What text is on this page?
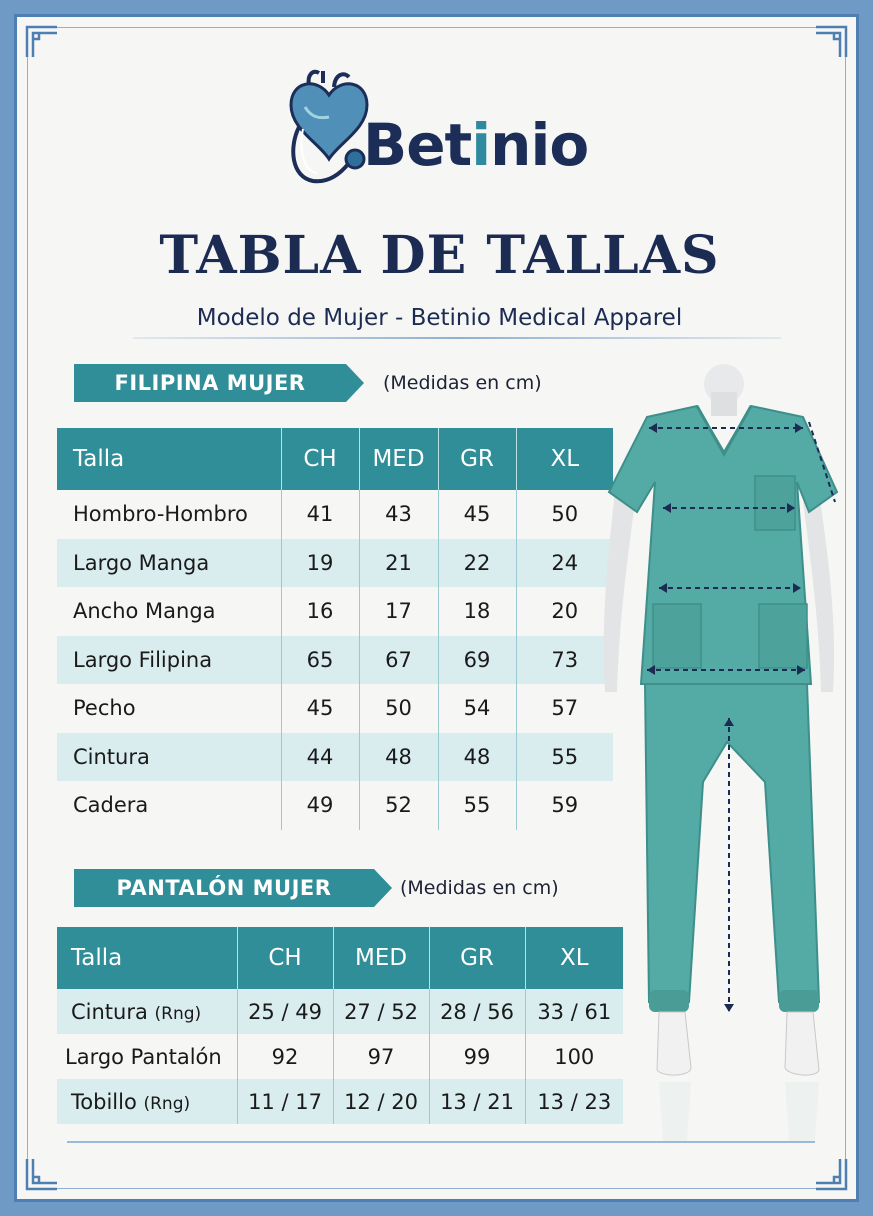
Betinio
TABLA DE TALLAS
Modelo de Mujer - Betinio Medical Apparel
FILIPINA MUJER	(Medidas en cm)
Talla	CH	MED	GR	XL
Hombro-Hombro	41	43	45	50
Largo Manga	19	21	22	24
Ancho Manga	16	17	18	20
Largo Filipina	65	67	69	73
Pecho	45	50	54	57
Cintura	44	48	48	55
Cadera	49	52	55	59
PANTALÓN MUJER	(Medidas en cm)
Talla	CH	MED	GR	XL
Cintura (Rng)	25 / 49	27 / 52	28 / 56	33 / 61
Largo Pantalón	92	97	99	100
Tobillo (Rng)	11 / 17	12 / 20	13 / 21	13 / 23
